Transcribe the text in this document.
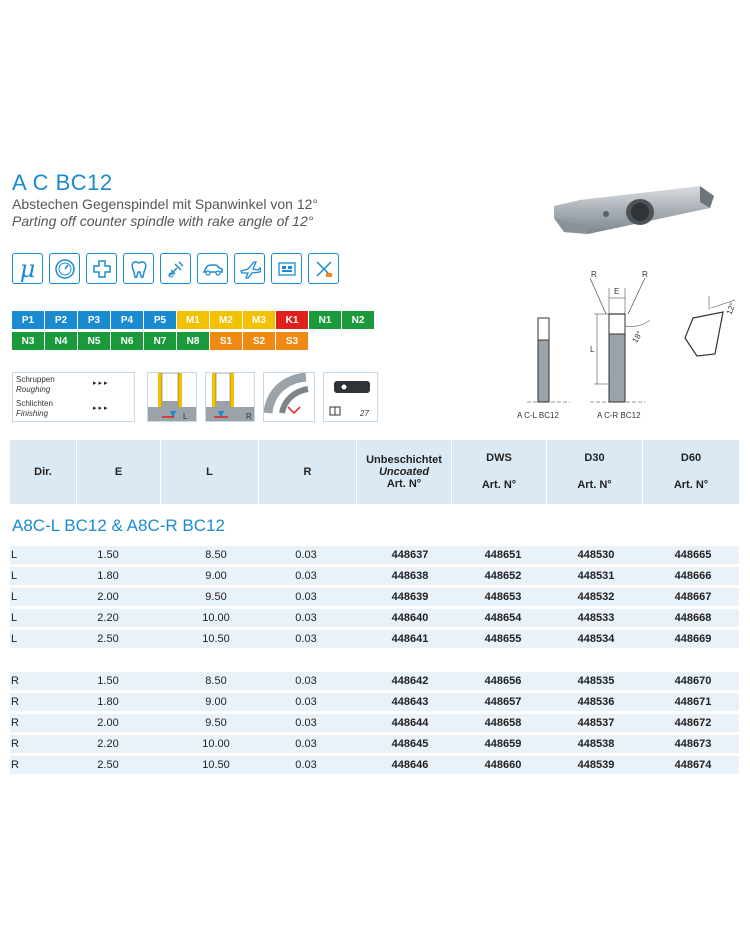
A C BC12
Abstechen Gegenspindel mit Spanwinkel von 12°
Parting off counter spindle with rake angle of 12°
μ
P1	P2	P3	P4	P5	M1	M2	M3	K1	N1	N2
N3	N4	N5	N6	N7	N8	S1	S2	S3
Schruppen
Roughing
▸▸▸
Schlichten
Finishing
▸▸▸
L	R	27
R	R
E
L
18°
12°
A C-L BC12	A C-R BC12
Dir.	E	L	R
Unbeschichtet
Uncoated
Art. N°
DWS
Art. N°
D30
Art. N°
D60
Art. N°
A8C-L BC12 & A8C-R BC12
L	1.50	8.50	0.03	448637	448651	448530	448665
L	1.80	9.00	0.03	448638	448652	448531	448666
L	2.00	9.50	0.03	448639	448653	448532	448667
L	2.20	10.00	0.03	448640	448654	448533	448668
L	2.50	10.50	0.03	448641	448655	448534	448669
R	1.50	8.50	0.03	448642	448656	448535	448670
R	1.80	9.00	0.03	448643	448657	448536	448671
R	2.00	9.50	0.03	448644	448658	448537	448672
R	2.20	10.00	0.03	448645	448659	448538	448673
R	2.50	10.50	0.03	448646	448660	448539	448674
